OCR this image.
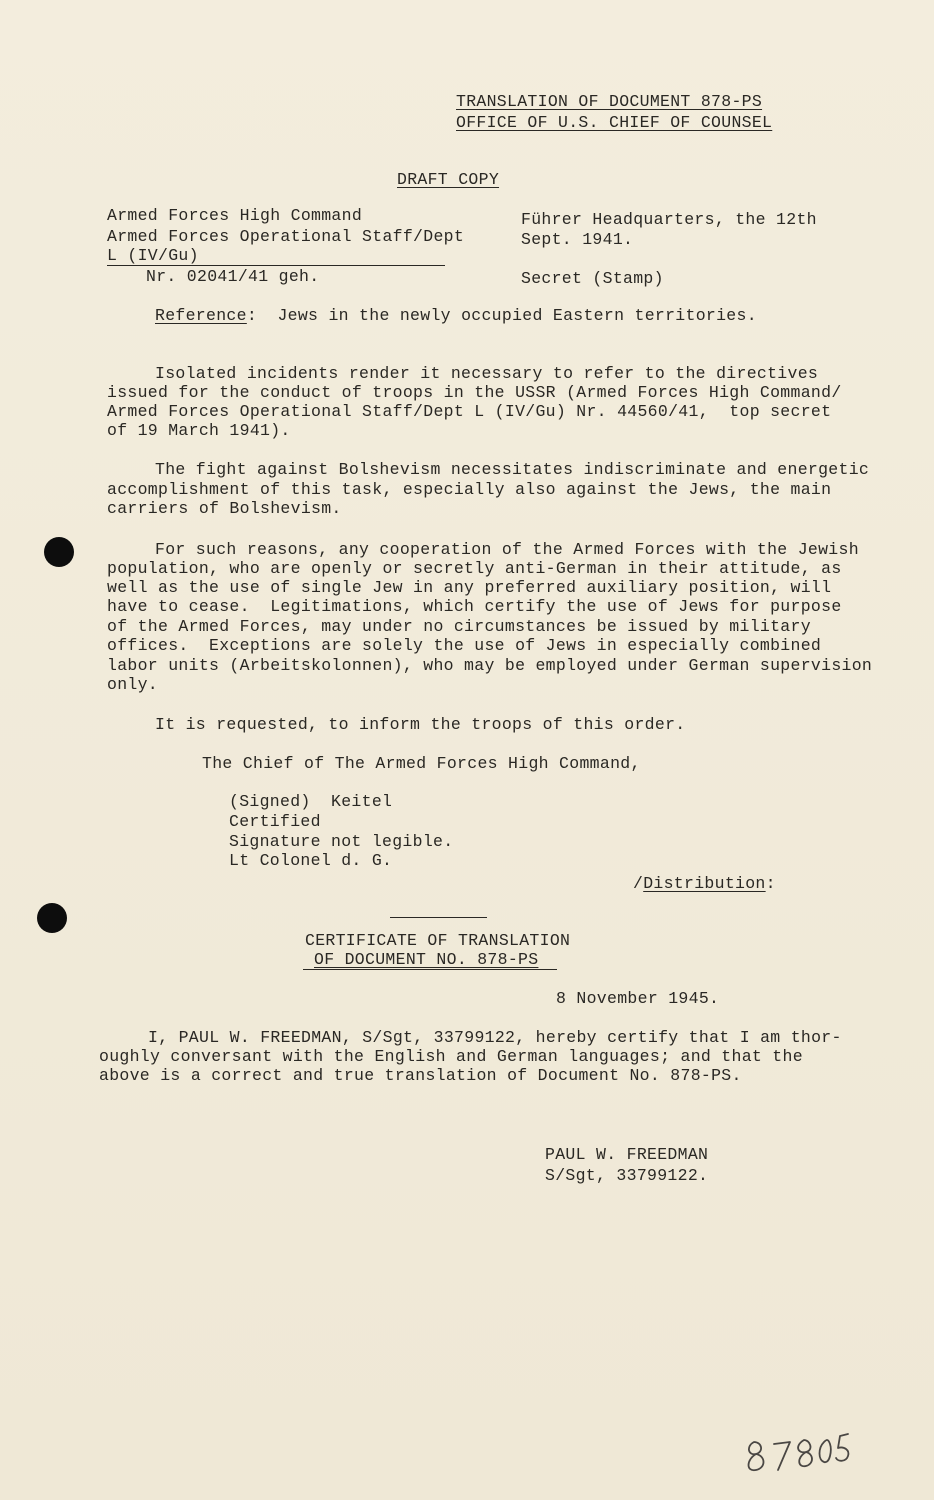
TRANSLATION OF DOCUMENT 878-PS
OFFICE OF U.S. CHIEF OF COUNSEL
DRAFT COPY
Armed Forces High Command
Armed Forces Operational Staff/Dept
L (IV/Gu)
Nr. 02041/41 geh.
Führer Headquarters, the 12th
Sept. 1941.
Secret (Stamp)
Reference: Jews in the newly occupied Eastern territories.
Isolated incidents render it necessary to refer to the directives
issued for the conduct of troops in the USSR (Armed Forces High Command/
Armed Forces Operational Staff/Dept L (IV/Gu) Nr. 44560/41,  top secret
of 19 March 1941).
The fight against Bolshevism necessitates indiscriminate and energetic
accomplishment of this task, especially also against the Jews, the main
carriers of Bolshevism.
For such reasons, any cooperation of the Armed Forces with the Jewish
population, who are openly or secretly anti-German in their attitude, as
well as the use of single Jew in any preferred auxiliary position, will
have to cease.  Legitimations, which certify the use of Jews for purpose
of the Armed Forces, may under no circumstances be issued by military
offices.  Exceptions are solely the use of Jews in especially combined
labor units (Arbeitskolonnen), who may be employed under German supervision
only.
It is requested, to inform the troops of this order.
The Chief of The Armed Forces High Command,
(Signed)  Keitel
Certified
Signature not legible.
Lt Colonel d. G.
/Distribution:
CERTIFICATE OF TRANSLATION
OF DOCUMENT NO. 878-PS
8 November 1945.
I, PAUL W. FREEDMAN, S/Sgt, 33799122, hereby certify that I am thor-
oughly conversant with the English and German languages; and that the
above is a correct and true translation of Document No. 878-PS.
PAUL W. FREEDMAN
S/Sgt, 33799122.
